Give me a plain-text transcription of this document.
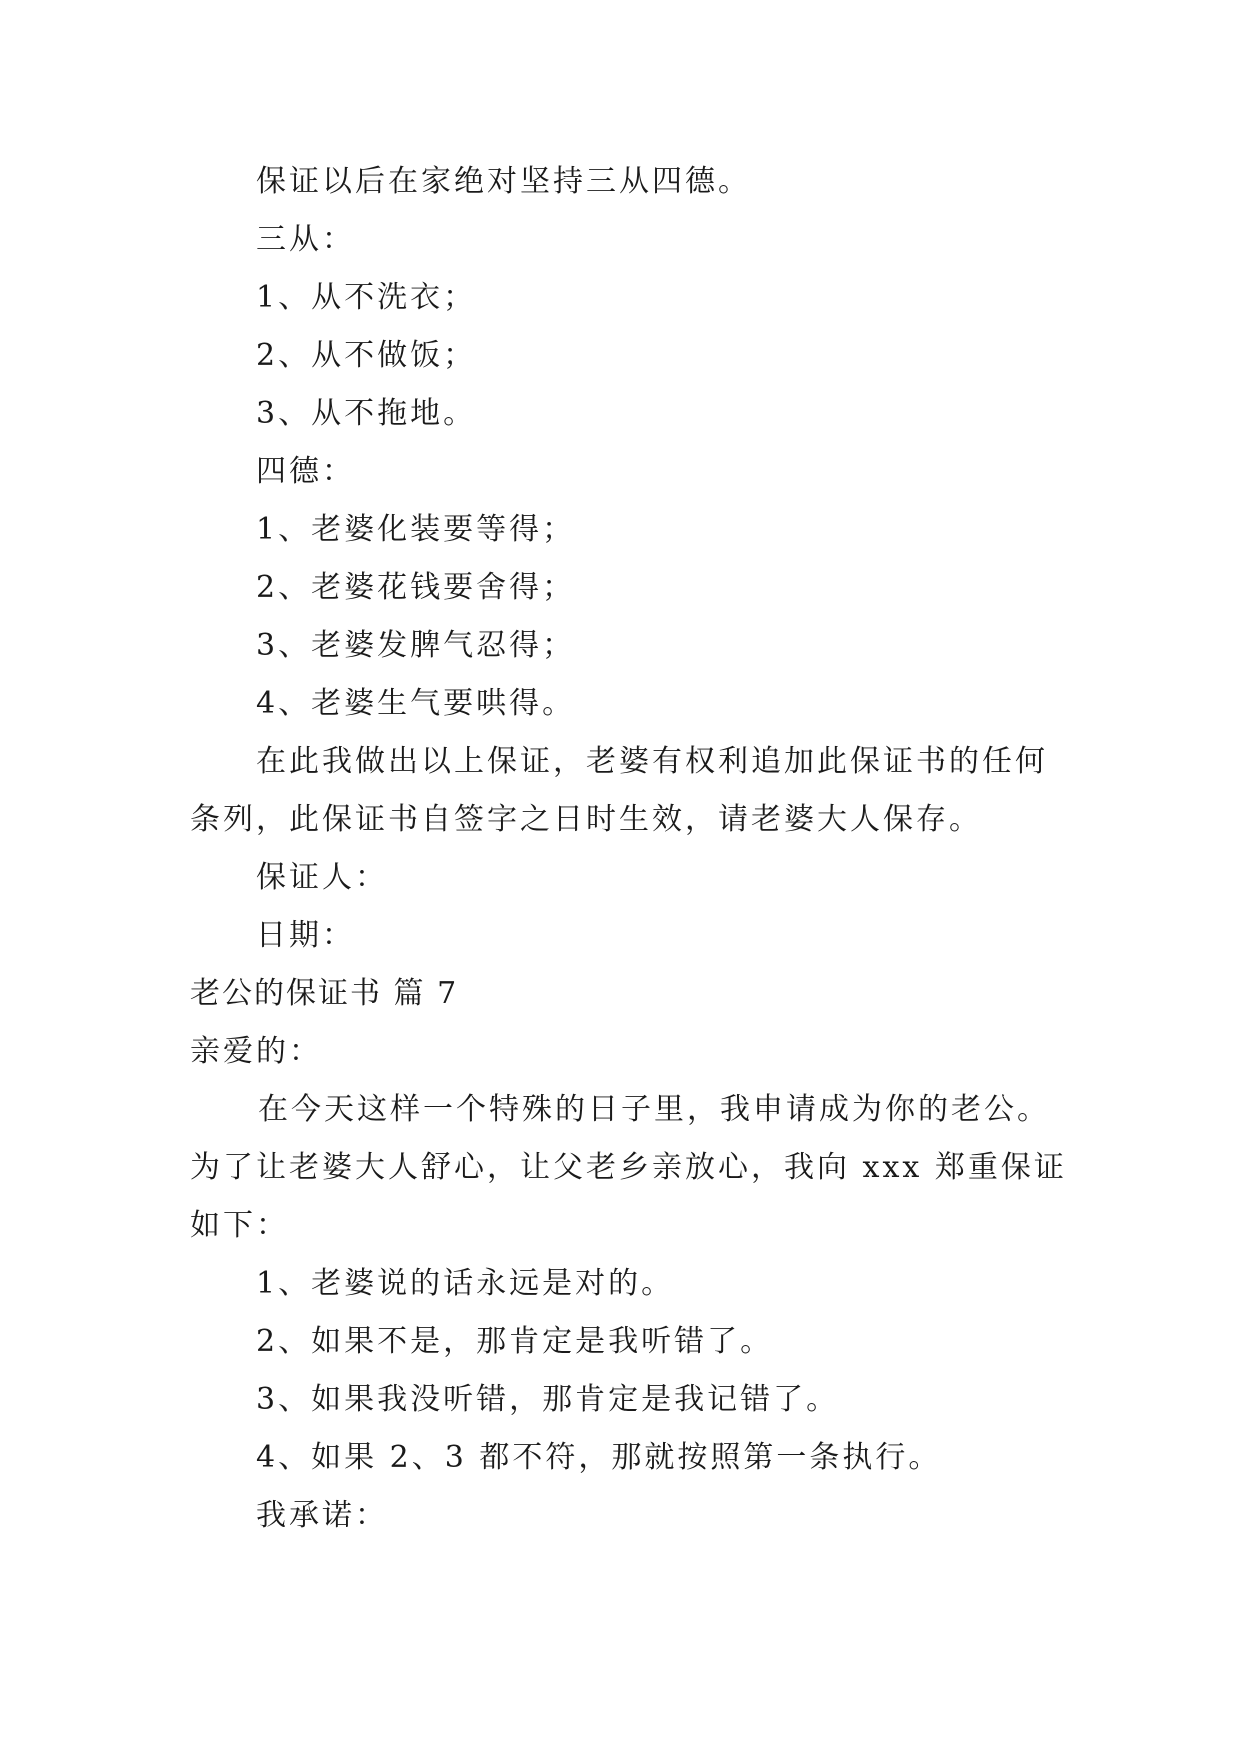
保证以后在家绝对坚持三从四德。
三从：
1、从不洗衣；
2、从不做饭；
3、从不拖地。
四德：
1、老婆化装要等得；
2、老婆花钱要舍得；
3、老婆发脾气忍得；
4、老婆生气要哄得。
在此我做出以上保证，老婆有权利追加此保证书的任何
条列，此保证书自签字之日时生效，请老婆大人保存。
保证人：
日期：
老公的保证书 篇 7
亲爱的：
在今天这样一个特殊的日子里，我申请成为你的老公。
为了让老婆大人舒心，让父老乡亲放心，我向 xxx 郑重保证
如下：
1、老婆说的话永远是对的。
2、如果不是，那肯定是我听错了。
3、如果我没听错，那肯定是我记错了。
4、如果 2、3 都不符，那就按照第一条执行。
我承诺：
